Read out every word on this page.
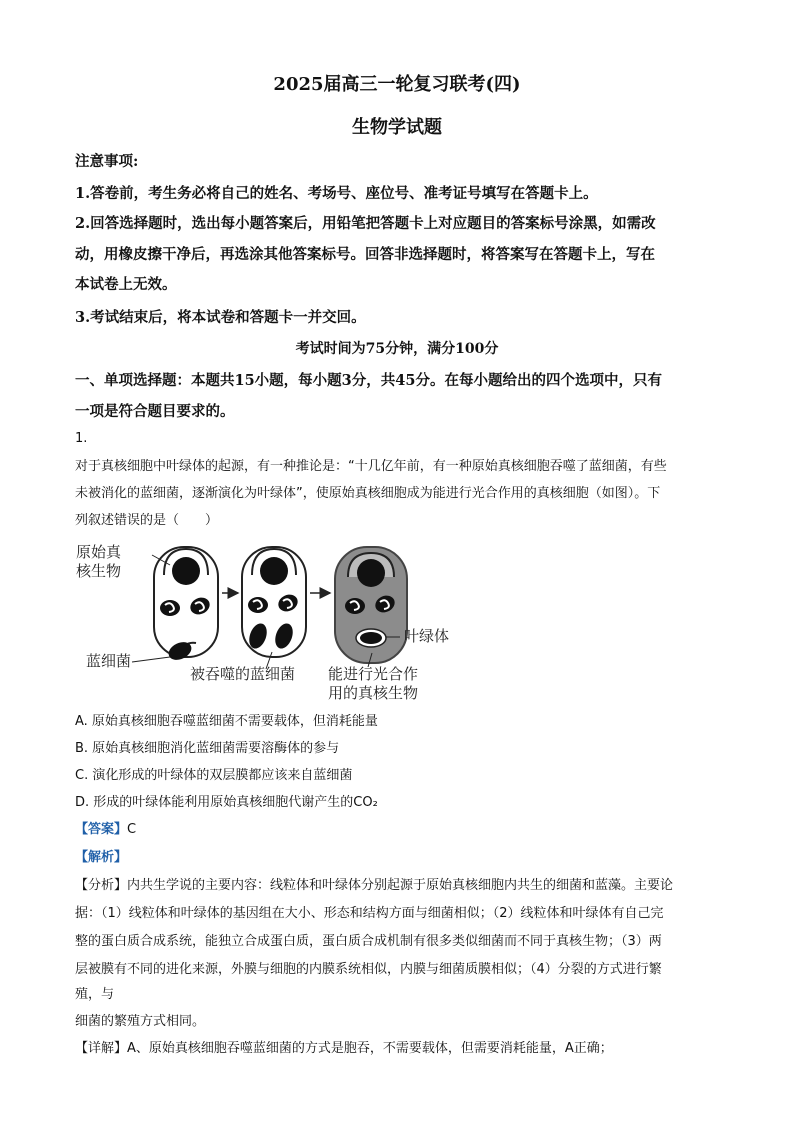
2025届高三一轮复习联考(四)
生物学试题

注意事项:

1.答卷前，考生务必将自己的姓名、考场号、座位号、准考证号填写在答题卡上。

2.回答选择题时，选出每小题答案后，用铅笔把答题卡上对应题目的答案标号涂黑，如需改

动，用橡皮擦干净后，再选涂其他答案标号。回答非选择题时，将答案写在答题卡上，写在

本试卷上无效。

3.考试结束后，将本试卷和答题卡一并交回。

考试时间为75分钟，满分100分

一、单项选择题：本题共15小题，每小题3分，共45分。在每小题给出的四个选项中，只有

一项是符合题目要求的。

1.

对于真核细胞中叶绿体的起源，有一种推论是：“十几亿年前，有一种原始真核细胞吞噬了蓝细菌，有些

未被消化的蓝细菌，逐渐演化为叶绿体”，使原始真核细胞成为能进行光合作用的真核细胞（如图）。下

列叙述错误的是（　　）

原始真
核生物
蓝细菌
被吞噬的蓝细菌
叶绿体
能进行光合作
用的真核生物

A. 原始真核细胞吞噬蓝细菌不需要载体，但消耗能量

B. 原始真核细胞消化蓝细菌需要溶酶体的参与

C. 演化形成的叶绿体的双层膜都应该来自蓝细菌

D. 形成的叶绿体能利用原始真核细胞代谢产生的CO₂

【答案】C

【解析】

【分析】内共生学说的主要内容：线粒体和叶绿体分别起源于原始真核细胞内共生的细菌和蓝藻。主要论

据：（1）线粒体和叶绿体的基因组在大小、形态和结构方面与细菌相似；（2）线粒体和叶绿体有自己完

整的蛋白质合成系统，能独立合成蛋白质，蛋白质合成机制有很多类似细菌而不同于真核生物；（3）两

层被膜有不同的进化来源，外膜与细胞的内膜系统相似，内膜与细菌质膜相似；（4）分裂的方式进行繁

殖，与

细菌的繁殖方式相同。

【详解】A、原始真核细胞吞噬蓝细菌的方式是胞吞，不需要载体，但需要消耗能量，A正确；
